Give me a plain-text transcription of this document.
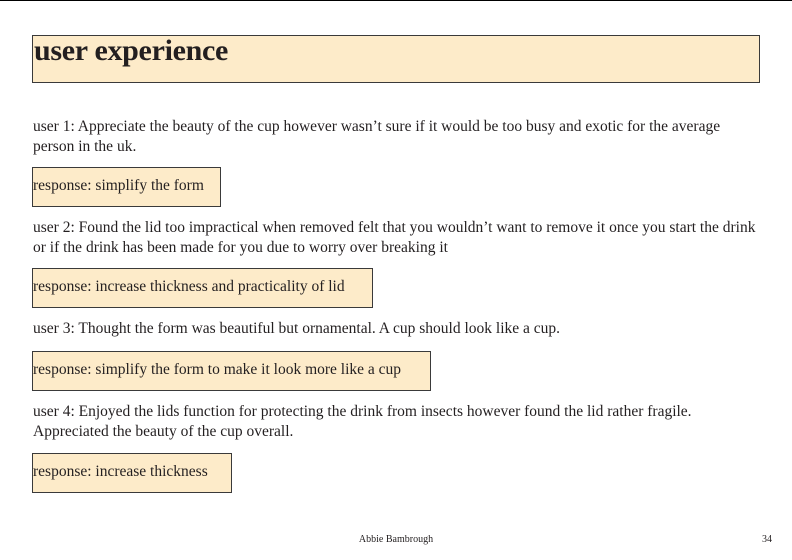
user experience

user 1: Appreciate the beauty of the cup however wasn’t sure if it would be too busy and exotic for the average person in the uk.

response: simplify the form

user 2: Found the lid too impractical when removed felt that you wouldn’t want to remove it once you start the drink or if the drink has been made for you due to worry over breaking it

response: increase thickness and practicality of lid

user 3: Thought the form was beautiful but ornamental. A cup should look like a cup.

response: simplify the form to make it look more like a cup

user 4: Enjoyed the lids function for protecting the drink from insects however found the lid rather fragile. Appreciated the beauty of the cup overall.

response: increase thickness
Abbie Bambrough	34
